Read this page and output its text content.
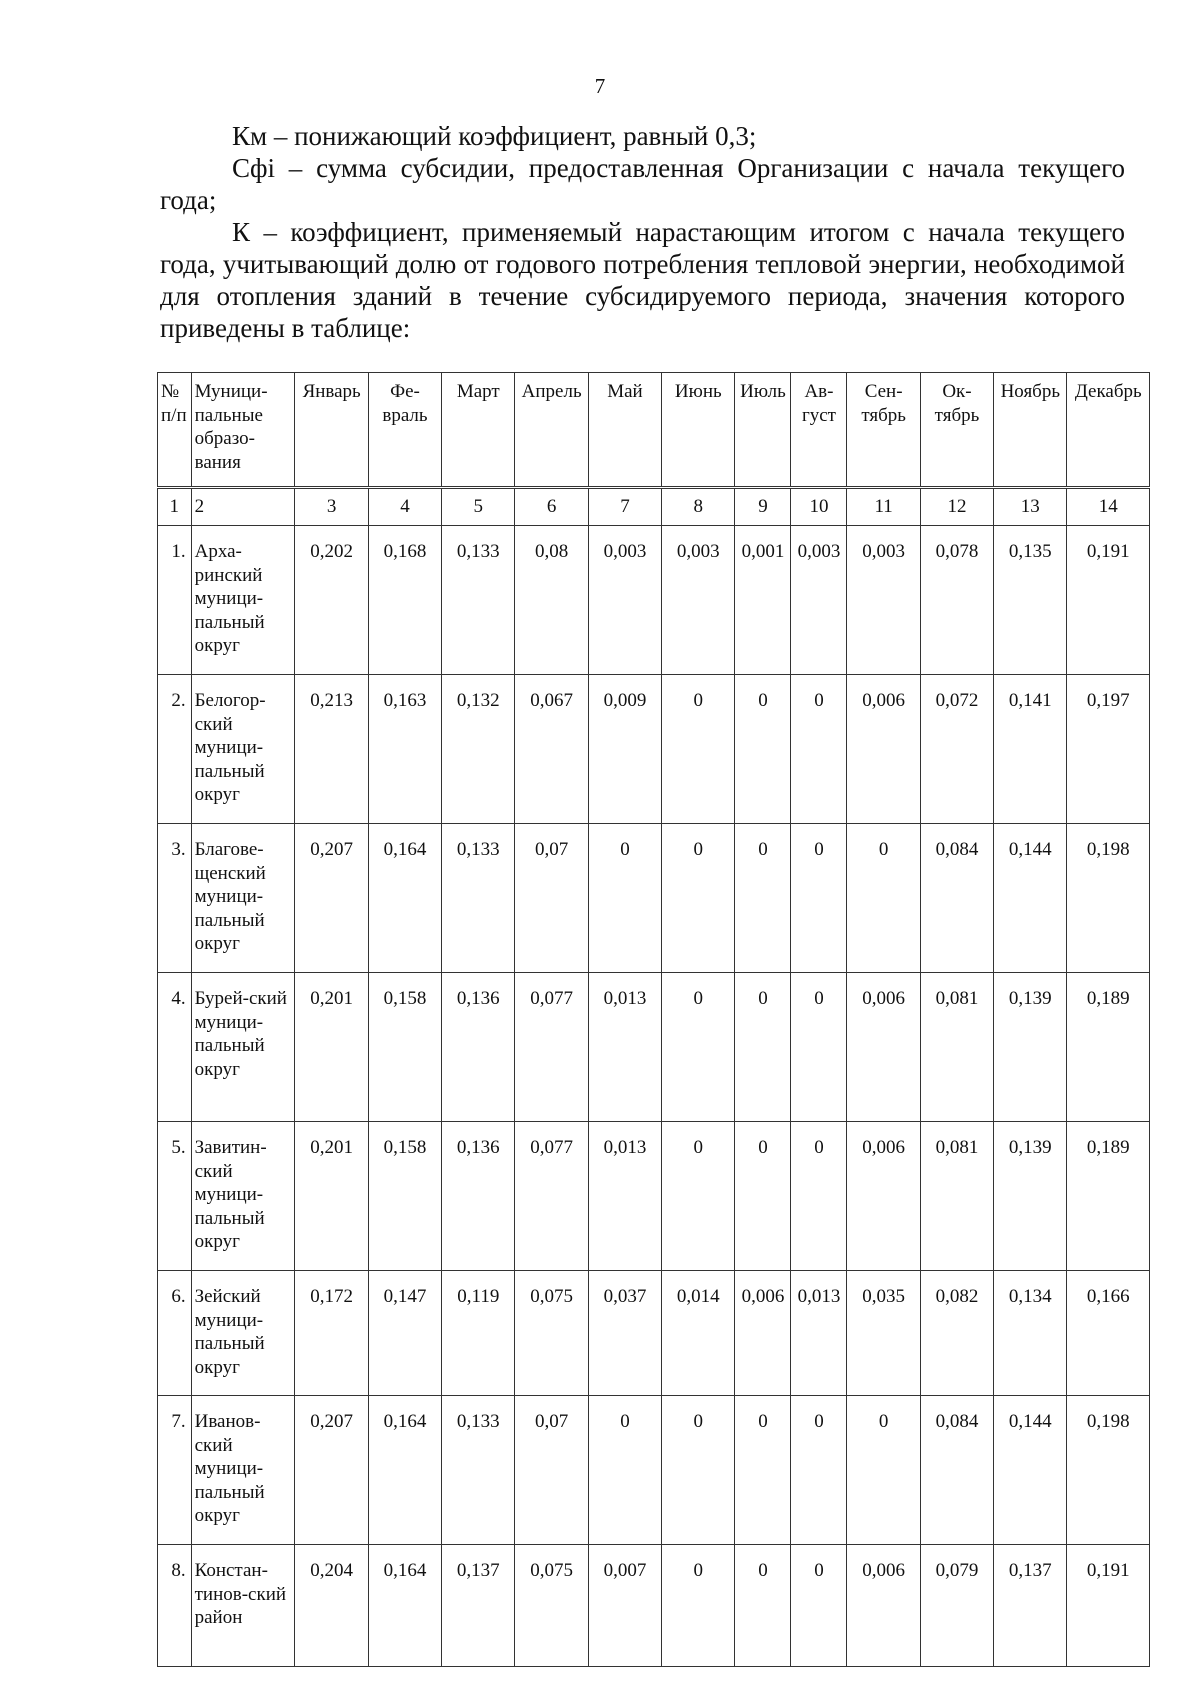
7

Км – понижающий коэффициент, равный 0,3;

Сфi – сумма субсидии, предоставленная Организации с начала текущего года;

К – коэффициент, применяемый нарастающим итогом с начала текущего года, учитывающий долю от годового потребления тепловой энергии, необходимой для отопления зданий в течение субсидируемого периода, значения которого приведены в таблице:

№ п/п	Муници-пальные образо-вания	Январь	Фе-враль	Март	Апрель	Май	Июнь	Июль	Ав-густ	Сен-тябрь	Ок-тябрь	Ноябрь	Декабрь
1	2	3	4	5	6	7	8	9	10	11	12	13	14
1.	Арха-ринский муници-пальный округ	0,202	0,168	0,133	0,08	0,003	0,003	0,001	0,003	0,003	0,078	0,135	0,191
2.	Белогор-ский муници-пальный округ	0,213	0,163	0,132	0,067	0,009	0	0	0	0,006	0,072	0,141	0,197
3.	Благове-щенский муници-пальный округ	0,207	0,164	0,133	0,07	0	0	0	0	0	0,084	0,144	0,198
4.	Бурей-ский муници-пальный округ	0,201	0,158	0,136	0,077	0,013	0	0	0	0,006	0,081	0,139	0,189
5.	Завитин-ский муници-пальный округ	0,201	0,158	0,136	0,077	0,013	0	0	0	0,006	0,081	0,139	0,189
6.	Зейский муници-пальный округ	0,172	0,147	0,119	0,075	0,037	0,014	0,006	0,013	0,035	0,082	0,134	0,166
7.	Иванов-ский муници-пальный округ	0,207	0,164	0,133	0,07	0	0	0	0	0	0,084	0,144	0,198
8.	Констан-тинов-ский район	0,204	0,164	0,137	0,075	0,007	0	0	0	0,006	0,079	0,137	0,191
